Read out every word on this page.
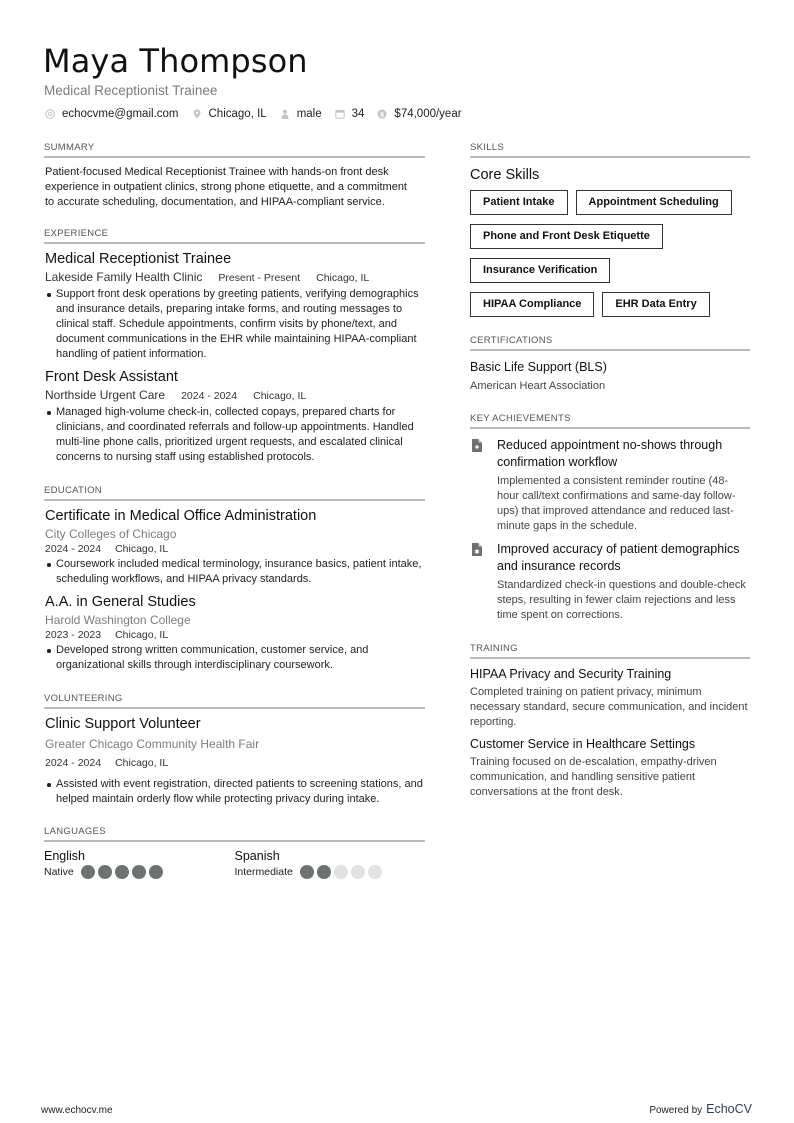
Maya Thompson
Medical Receptionist Trainee
echocvme@gmail.com	Chicago, IL	male	34 $ $74,000/year
SUMMARY
Patient-focused Medical Receptionist Trainee with hands-on front desk experience in outpatient clinics, strong phone etiquette, and a commitment to accurate scheduling, documentation, and HIPAA-compliant service.
EXPERIENCE
Medical Receptionist Trainee
Lakeside Family Health Clinic Present - Present Chicago, IL
Support front desk operations by greeting patients, verifying demographics and insurance details, preparing intake forms, and routing messages to clinical staff. Schedule appointments, confirm visits by phone/text, and document communications in the EHR while maintaining HIPAA-compliant handling of patient information.
Front Desk Assistant
Northside Urgent Care 2024 - 2024 Chicago, IL
Managed high-volume check-in, collected copays, prepared charts for clinicians, and coordinated referrals and follow-up appointments. Handled multi-line phone calls, prioritized urgent requests, and escalated clinical concerns to nursing staff using established protocols.
EDUCATION
Certificate in Medical Office Administration
City Colleges of Chicago
2024 - 2024 Chicago, IL
Coursework included medical terminology, insurance basics, patient intake, scheduling workflows, and HIPAA privacy standards.
A.A. in General Studies
Harold Washington College
2023 - 2023 Chicago, IL
Developed strong written communication, customer service, and organizational skills through interdisciplinary coursework.
VOLUNTEERING
Clinic Support Volunteer
Greater Chicago Community Health Fair
2024 - 2024 Chicago, IL
Assisted with event registration, directed patients to screening stations, and helped maintain orderly flow while protecting privacy during intake.
LANGUAGES
English
Native
Spanish
Intermediate
SKILLS
Core Skills
Patient Intake	Appointment Scheduling
Phone and Front Desk Etiquette
Insurance Verification
HIPAA Compliance	EHR Data Entry
CERTIFICATIONS
Basic Life Support (BLS)
American Heart Association
KEY ACHIEVEMENTS
Reduced appointment no-shows through confirmation workflow
Implemented a consistent reminder routine (48-hour call/text confirmations and same-day follow-ups) that improved attendance and reduced last-minute gaps in the schedule.
Improved accuracy of patient demographics and insurance records
Standardized check-in questions and double-check steps, resulting in fewer claim rejections and less time spent on corrections.
TRAINING
HIPAA Privacy and Security Training
Completed training on patient privacy, minimum necessary standard, secure communication, and incident reporting.
Customer Service in Healthcare Settings
Training focused on de-escalation, empathy-driven communication, and handling sensitive patient conversations at the front desk.
www.echocv.me	Powered by EchoCV
